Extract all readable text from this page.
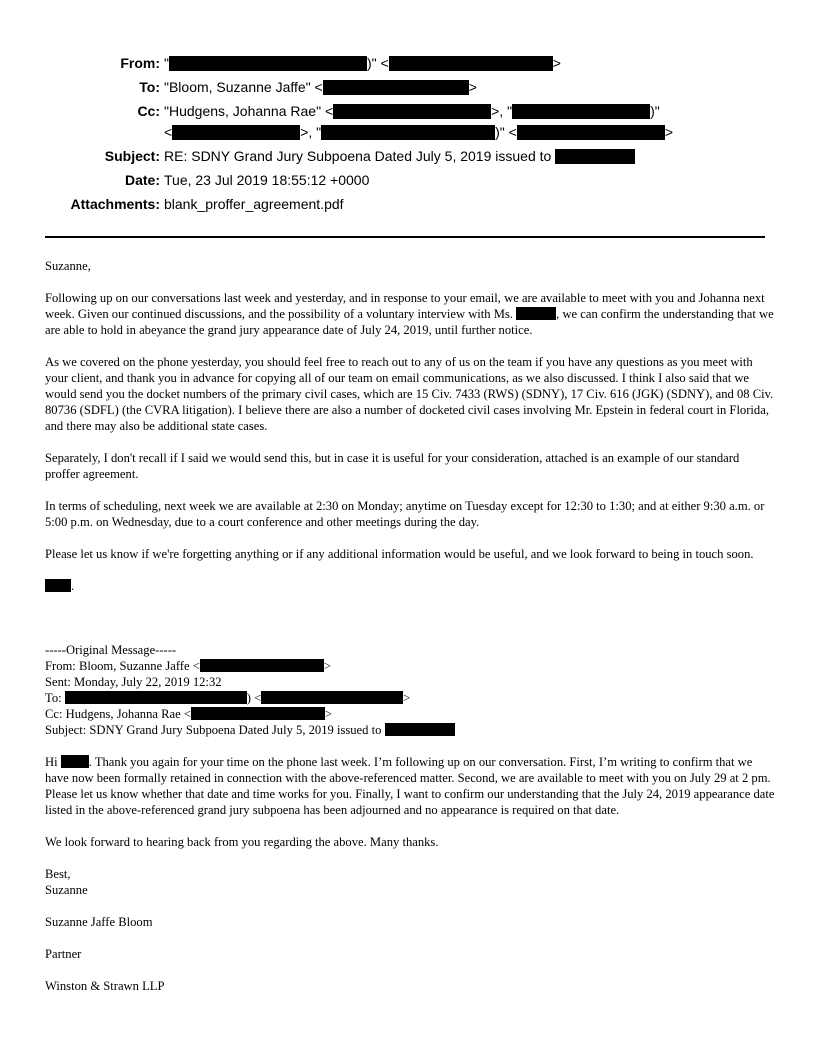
From: "	)" <	>
To: "Bloom, Suzanne Jaffe" <	>
Cc: "Hudgens, Johanna Rae" <	>, "	)"
<	>, "	)" <	>
Subject: RE: SDNY Grand Jury Subpoena Dated July 5, 2019 issued to
Date: Tue, 23 Jul 2019 18:55:12 +0000
Attachments: blank_proffer_agreement.pdf

Suzanne,

Following up on our conversations last week and yesterday, and in response to your email, we are available to meet with you and Johanna next week. Given our continued discussions, and the possibility of a voluntary interview with Ms.	, we can confirm the understanding that we are able to hold in abeyance the grand jury appearance date of July 24, 2019, until further notice.

As we covered on the phone yesterday, you should feel free to reach out to any of us on the team if you have any questions as you meet with your client, and thank you in advance for copying all of our team on email communications, as we also discussed. I think I also said that we would send you the docket numbers of the primary civil cases, which are 15 Civ. 7433 (RWS) (SDNY), 17 Civ. 616 (JGK) (SDNY), and 08 Civ. 80736 (SDFL) (the CVRA litigation). I believe there are also a number of docketed civil cases involving Mr. Epstein in federal court in Florida, and there may also be additional state cases.

Separately, I don't recall if I said we would send this, but in case it is useful for your consideration, attached is an example of our standard proffer agreement.

In terms of scheduling, next week we are available at 2:30 on Monday; anytime on Tuesday except for 12:30 to 1:30; and at either 9:30 a.m. or 5:00 p.m. on Wednesday, due to a court conference and other meetings during the day.

Please let us know if we're forgetting anything or if any additional information would be useful, and we look forward to being in touch soon.

.

-----Original Message-----

From: Bloom, Suzanne Jaffe <	>

Sent: Monday, July 22, 2019 12:32

To:	) <	>

Cc: Hudgens, Johanna Rae <	>

Subject: SDNY Grand Jury Subpoena Dated July 5, 2019 issued to

Hi . Thank you again for your time on the phone last week. I’m following up on our conversation. First, I’m writing to confirm that we have now been formally retained in connection with the above-referenced matter. Second, we are available to meet with you on July 29 at 2 pm. Please let us know whether that date and time works for you. Finally, I want to confirm our understanding that the July 24, 2019 appearance date listed in the above-referenced grand jury subpoena has been adjourned and no appearance is required on that date.

We look forward to hearing back from you regarding the above. Many thanks.

Best,

Suzanne

Suzanne Jaffe Bloom

Partner

Winston & Strawn LLP
